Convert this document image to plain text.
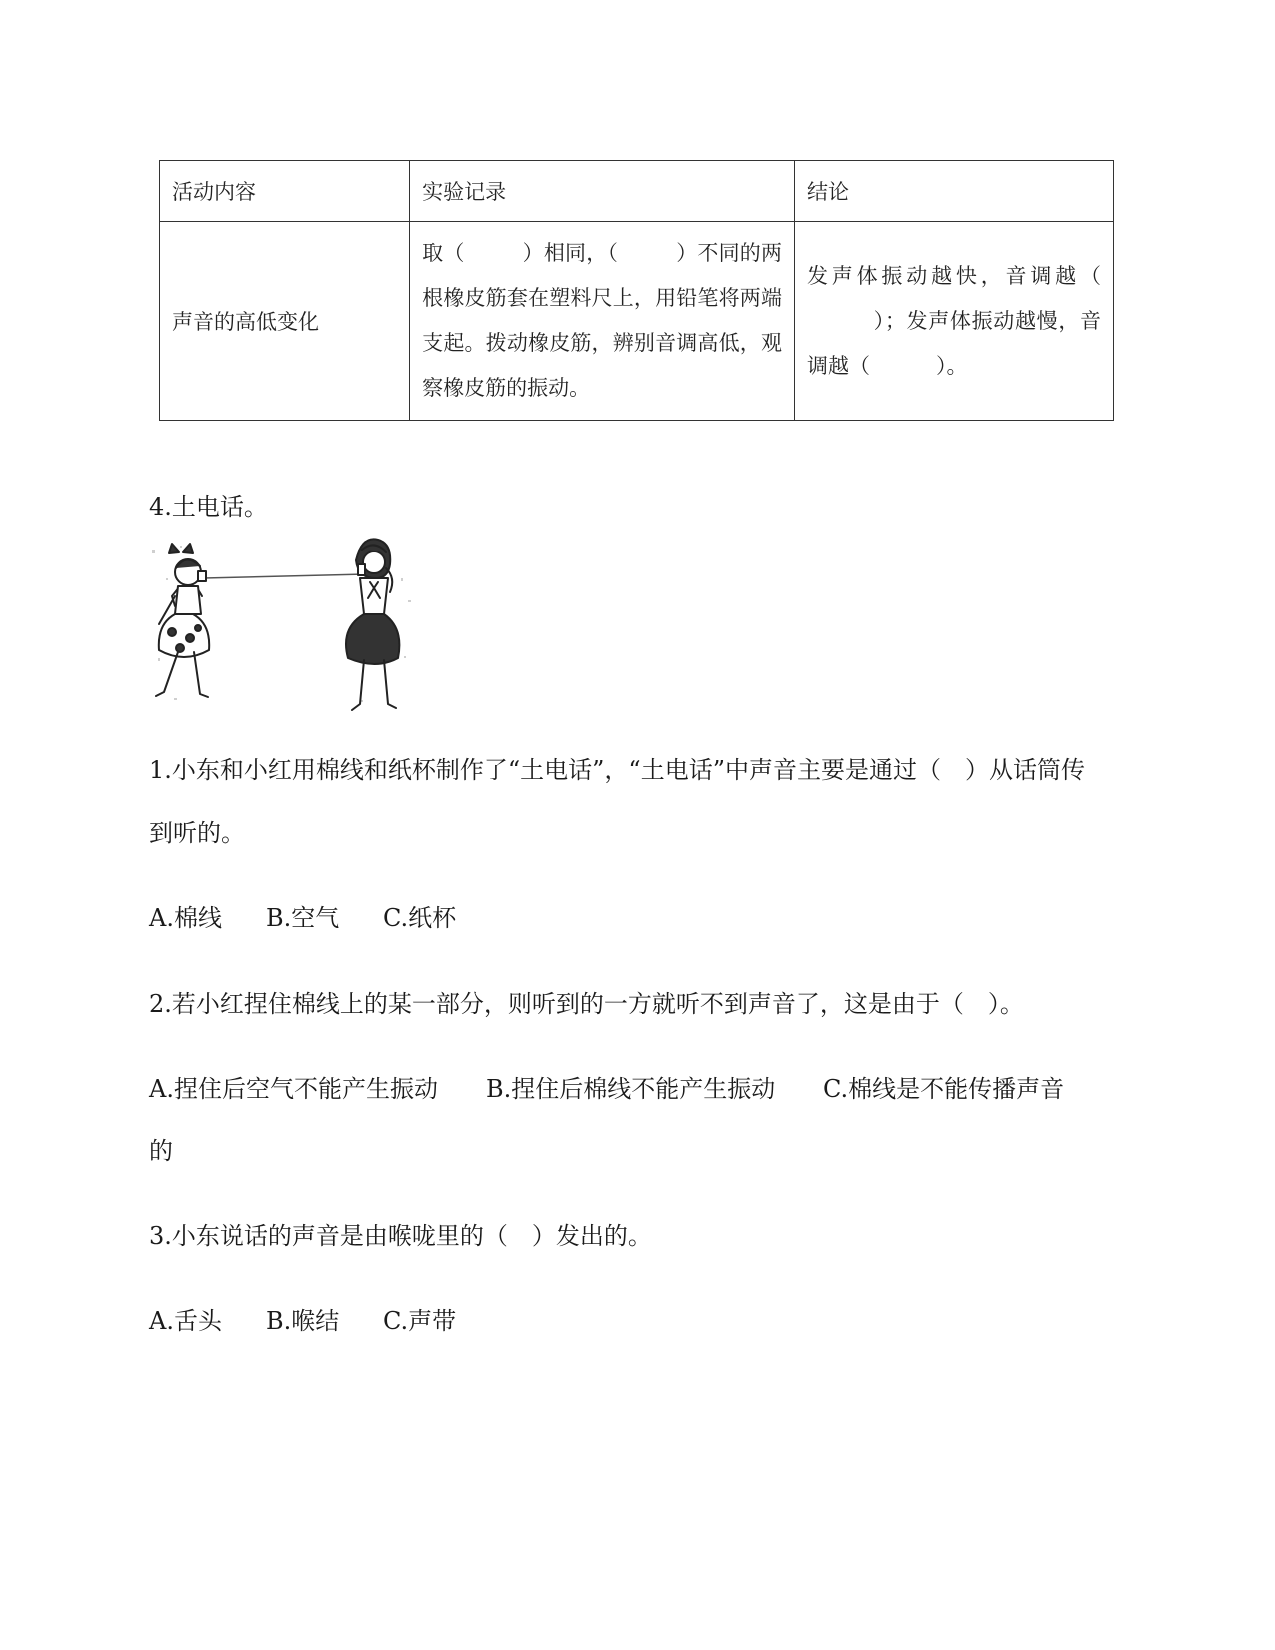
活动内容	实验记录	结论
声音的高低变化	取（ ）相同，（ ）不同的两根橡皮筋套在塑料尺上，用铅笔将两端支起。拨动橡皮筋，辨别音调高低，观察橡皮筋的振动。	发声体振动越快，音调越（）；发声体振动越慢，音调越（ ）。
4.土电话。
1.小东和小红用棉线和纸杯制作了“土电话”，“土电话”中声音主要是通过（　）从话筒传
到听的。
A.棉线 B.空气 C.纸杯
2.若小红捏住棉线上的某一部分，则听到的一方就听不到声音了，这是由于（　）。
A.捏住后空气不能产生振动 B.捏住后棉线不能产生振动 C.棉线是不能传播声音
的
3.小东说话的声音是由喉咙里的（　）发出的。
A.舌头 B.喉结 C.声带
